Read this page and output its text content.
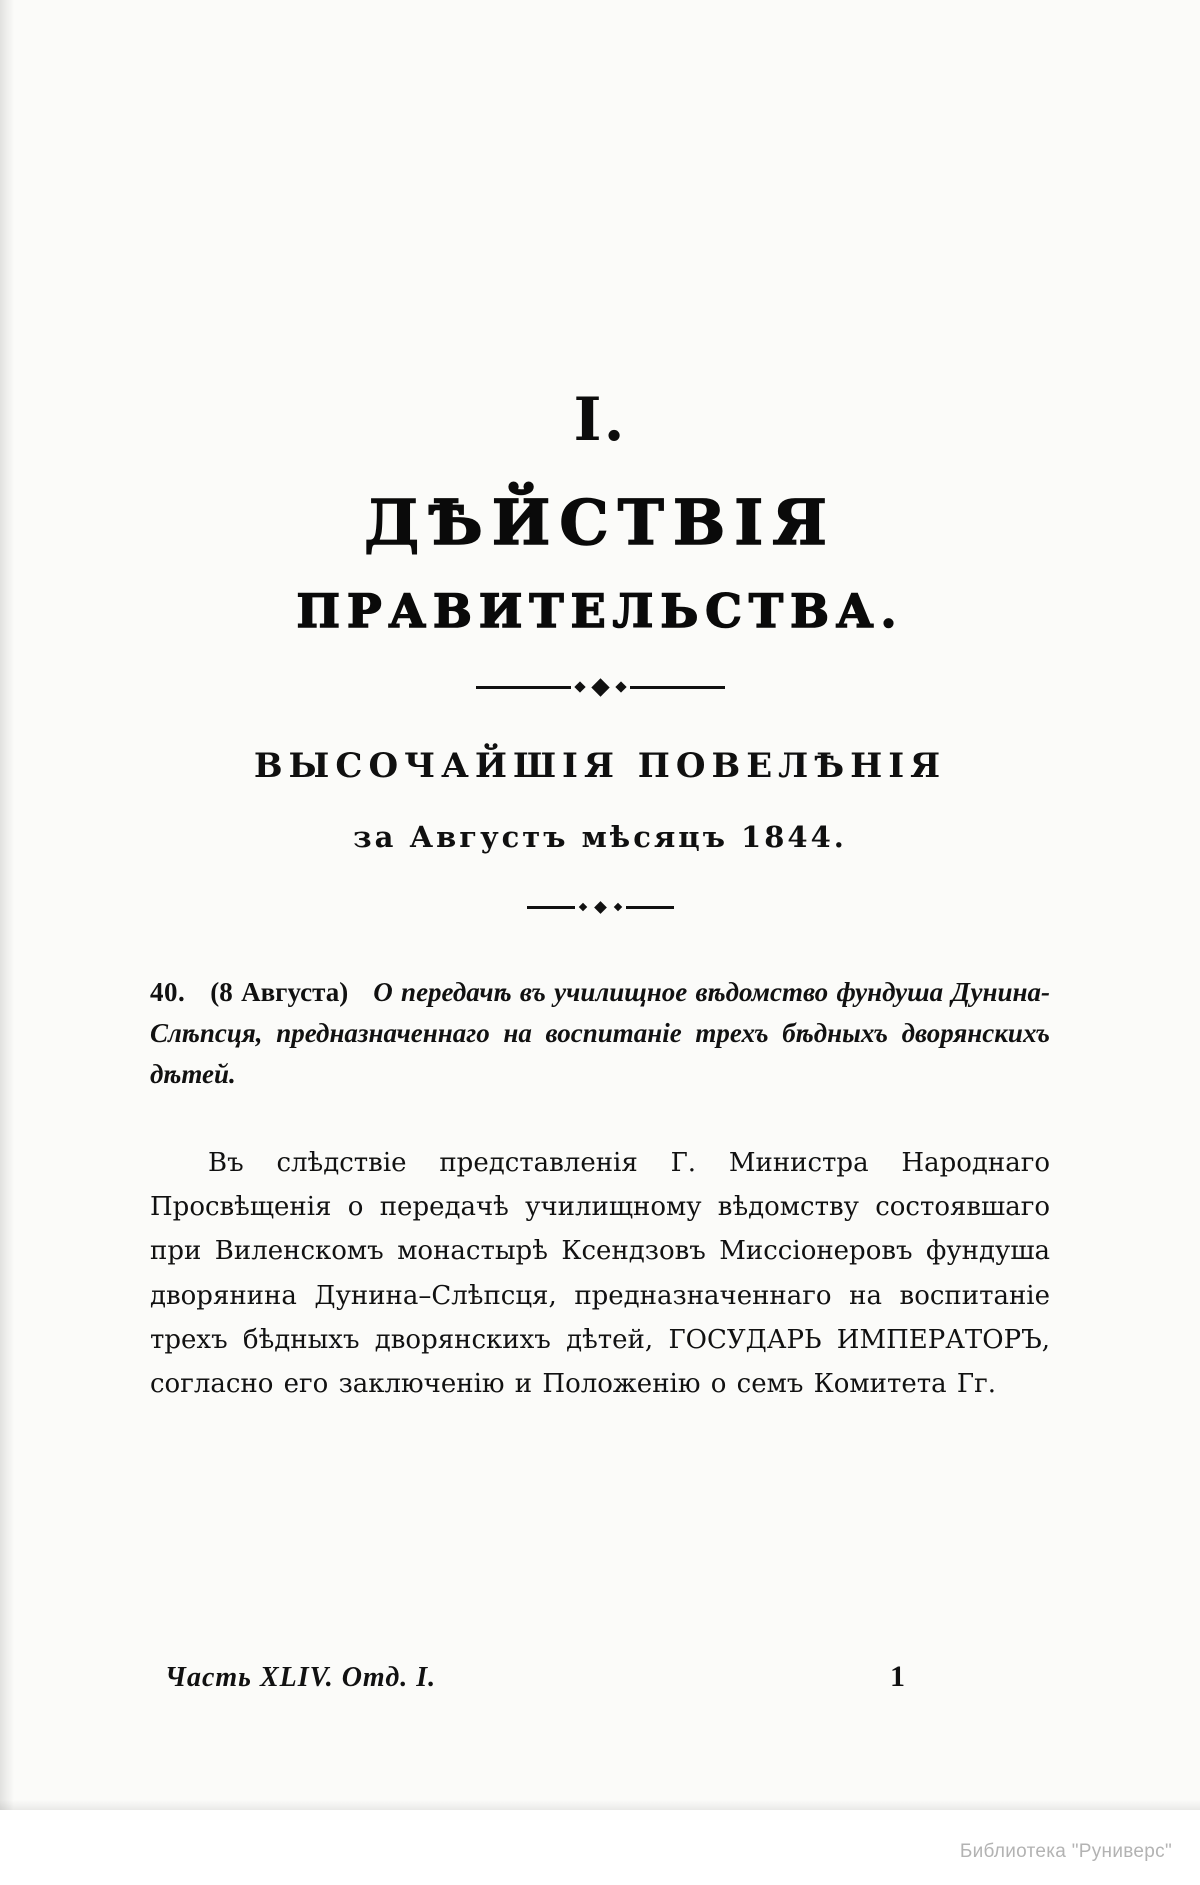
I.
ДѢЙСТВІЯ
ПРАВИТЕЛЬСТВА.
ВЫСОЧАЙШІЯ ПОВЕЛѢНІЯ
за Августъ мѣсяцъ 1844.

40. (8 Августа) О передачѣ въ училищное вѣдомство фундуша Дунина-Слѣпсця, предназначеннаго на воспитаніе трехъ бѣдныхъ дворянскихъ дѣтей.

Въ слѣдствіе представленія Г. Министра Народнаго Просвѣщенія о передачѣ училищному вѣдомству состоявшаго при Виленскомъ монастырѣ Ксендзовъ Миссіонеровъ фундуша дворянина Дунина–Слѣпсця, предназначеннаго на воспитаніе трехъ бѣдныхъ дворянскихъ дѣтей, ГОСУДАРЬ ИМПЕРАТОРЪ, согласно его заключенію и Положенію о семъ Комитета Гг.

Часть XLIV. Отд. I.	1
Библиотека "Руниверс"
